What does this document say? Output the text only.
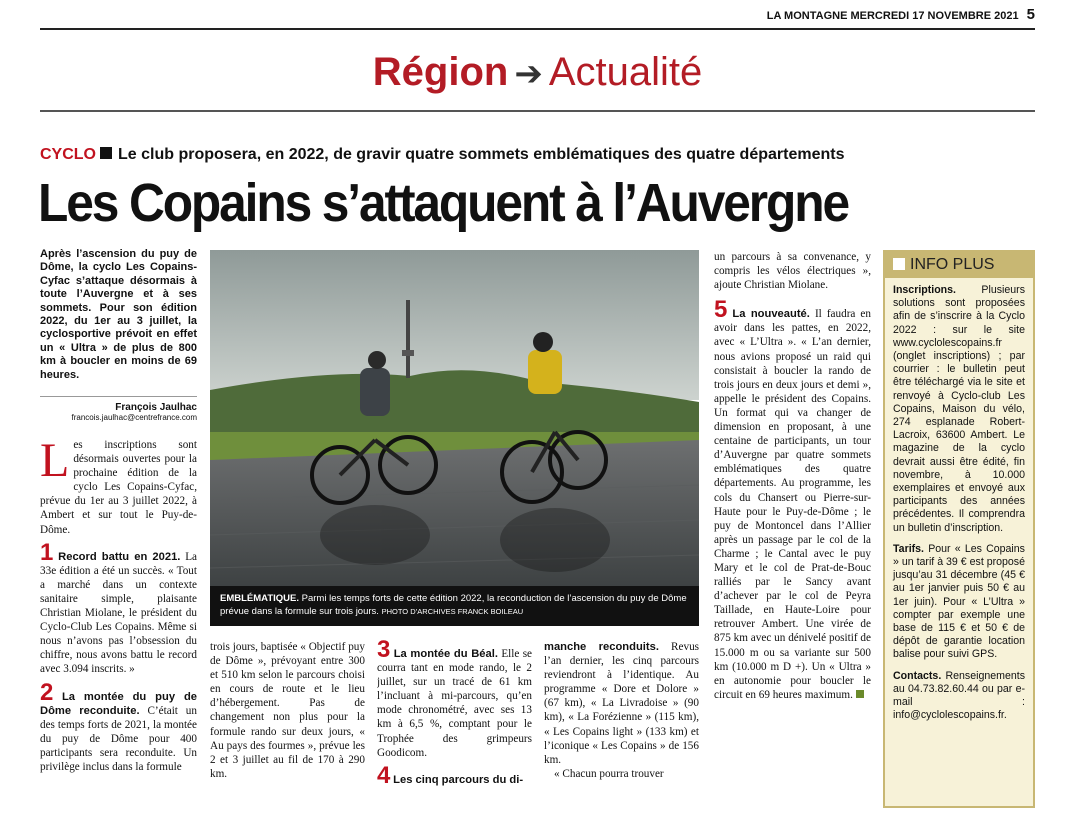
LA MONTAGNE MERCREDI 17 NOVEMBRE 2021 5
Région ➔ Actualité
CYCLO Le club proposera, en 2022, de gravir quatre sommets emblématiques des quatre départements
Les Copains s’attaquent à l’Auvergne
Après l’ascension du puy de Dôme, la cyclo Les Copains-Cyfac s’attaque désormais à toute l’Auvergne et à ses sommets. Pour son édition 2022, du 1er au 3 juillet, la cyclosportive prévoit en effet un « Ultra » de plus de 800 km à boucler en moins de 69 heures.
François Jaulhac
francois.jaulhac@centrefrance.com

Les inscriptions sont désormais ouvertes pour la prochaine édition de la cyclo Les Copains-Cyfac, prévue du 1er au 3 juillet 2022, à Ambert et sur tout le Puy-de-Dôme.

1 Record battu en 2021. La 33e édition a été un succès. « Tout a marché dans un contexte sanitaire simple, plaisante Christian Miolane, le président du Cyclo-Club Les Copains. Même si nous n’avons pas l’obsession du chiffre, nous avons battu le record avec 3.094 inscrits. »

2 La montée du puy de Dôme reconduite. C’était un des temps forts de 2021, la montée du puy de Dôme pour 400 participants sera reconduite. Un privilège inclus dans la formule

EMBLÉMATIQUE. Parmi les temps forts de cette édition 2022, la reconduction de l’ascension du puy de Dôme prévue dans la formule sur trois jours. PHOTO D’ARCHIVES FRANCK BOILEAU

trois jours, baptisée « Objectif puy de Dôme », prévoyant entre 300 et 510 km selon le parcours choisi en cours de route et le lieu d’hébergement. Pas de changement non plus pour la formule rando sur deux jours, « Au pays des fourmes », prévue les 2 et 3 juillet au fil de 170 à 290 km.

3 La montée du Béal. Elle se courra tant en mode rando, le 2 juillet, sur un tracé de 61 km l’incluant à mi-parcours, qu’en mode chronométré, avec ses 13 km à 6,5 %, comptant pour le Trophée des grimpeurs Goodicom.

4 Les cinq parcours du di-

manche reconduits. Revus l’an dernier, les cinq parcours reviendront à l’identique. Au programme « Dore et Dolore » (67 km), « La Livradoise » (90 km), « La Forézienne » (115 km), « Les Copains light » (133 km) et l’iconique « Les Copains » de 156 km.

« Chacun pourra trouver

un parcours à sa convenance, y compris les vélos électriques », ajoute Christian Miolane.

5 La nouveauté. Il faudra en avoir dans les pattes, en 2022, avec « L’Ultra ». « L’an dernier, nous avions proposé un raid qui consistait à boucler la rando de trois jours en deux jours et demi », appelle le président des Copains. Un format qui va changer de dimension en proposant, à une centaine de participants, un tour d’Auvergne par quatre sommets emblématiques des quatre départements. Au programme, les cols du Chansert ou Pierre-sur-Haute pour le Puy-de-Dôme ; le puy de Montoncel dans l’Allier après un passage par le col de la Charme ; le Cantal avec le puy Mary et le col de Prat-de-Bouc ralliés par le Sancy avant d’achever par le col de Peyra Taillade, en Haute-Loire pour retrouver Ambert. Une virée de 875 km avec un dénivelé positif de 15.000 m ou sa variante sur 500 km (10.000 m D +). Un « Ultra » en autonomie pour boucler le circuit en 69 heures maximum.

INFO PLUS

Inscriptions. Plusieurs solutions sont proposées afin de s’inscrire à la Cyclo 2022 : sur le site www.cyclolescopains.fr (onglet inscriptions) ; par courrier : le bulletin peut être téléchargé via le site et renvoyé à Cyclo-club Les Copains, Maison du vélo, 274 esplanade Robert-Lacroix, 63600 Ambert. Le magazine de la cyclo devrait aussi être édité, fin novembre, à 10.000 exemplaires et envoyé aux participants des années précédentes. Il comprendra un bulletin d’inscription.

Tarifs. Pour « Les Copains » un tarif à 39 € est proposé jusqu’au 31 décembre (45 € au 1er janvier puis 50 € au 1er juin). Pour « L’Ultra » compter par exemple une base de 115 € et 50 € de dépôt de garantie location balise pour suivi GPS.

Contacts. Renseignements au 04.73.82.60.44 ou par e-mail : info@cyclolescopains.fr.
